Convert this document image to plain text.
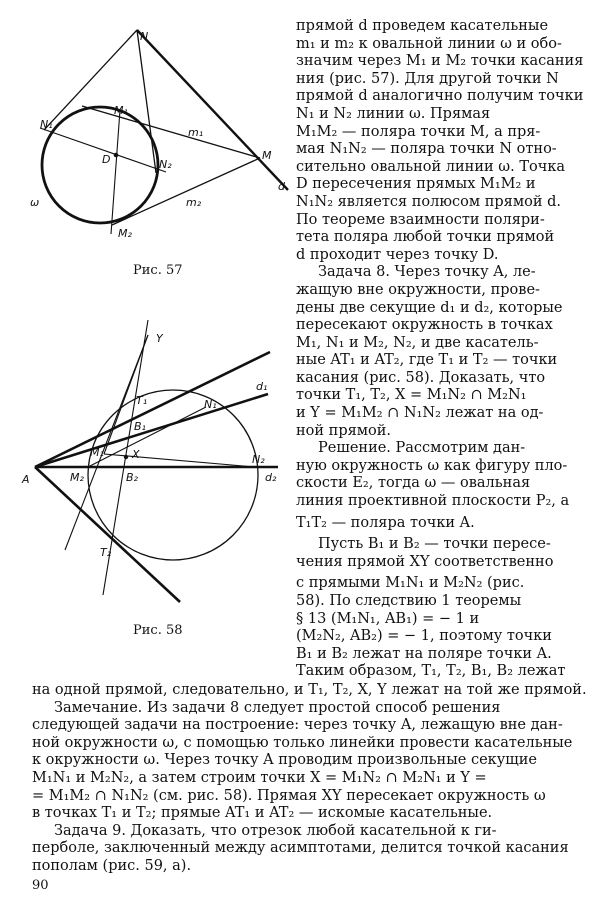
N
M₁
N₁
D	N₂
M
m₁
m₂
d
ω
M₂
Рис. 57
Y
T₁	N₁
d₁
B₁
M₁	X
A	M₂	B₂
N₂
d₂
T₂
Рис. 58
прямой d проведем касательные
m₁ и m₂ к овальной линии ω и обо-
значим через M₁ и M₂ точки касания
ния (рис. 57). Для другой точки N
прямой d аналогично получим точки
N₁ и N₂ линии ω. Прямая
M₁M₂ — поляра точки M, а пря-
мая N₁N₂ — поляра точки N отно-
сительно овальной линии ω. Точка
D пересечения прямых M₁M₂ и
N₁N₂ является полюсом прямой d.
По теореме взаимности поляри-
тета поляра любой точки прямой
d проходит через точку D.
Задача 8. Через точку A, ле-
жащую вне окружности, прове-
дены две секущие d₁ и d₂, которые
пересекают окружность в точках
M₁, N₁ и M₂, N₂, и две касатель-
ные AT₁ и AT₂, где T₁ и T₂ — точки
касания (рис. 58). Доказать, что
точки T₁, T₂, X = M₁N₂ ∩ M₂N₁
и Y = M₁M₂ ∩ N₁N₂ лежат на од-
ной прямой.
Решение. Рассмотрим дан-
ную окружность ω как фигуру пло-
скости E₂, тогда ω — овальная
линия проективной плоскости P₂, а
T₁T₂ — поляра точки A.
Пусть B₁ и B₂ — точки пересе-
чения прямой XY соответственно
с прямыми M₁N₁ и M₂N₂ (рис.
58). По следствию 1 теоремы
§ 13 (M₁N₁, AB₁) = − 1 и
(M₂N₂, AB₂) = − 1, поэтому точки
B₁ и B₂ лежат на поляре точки A.
Таким образом, T₁, T₂, B₁, B₂ лежат
на одной прямой, следовательно, и T₁, T₂, X, Y лежат на той же прямой.
Замечание. Из задачи 8 следует простой способ решения
следующей задачи на построение: через точку A, лежащую вне дан-
ной окружности ω, с помощью только линейки провести касательные
к окружности ω. Через точку A проводим произвольные секущие
M₁N₁ и M₂N₂, а затем строим точки X = M₁N₂ ∩ M₂N₁ и Y =
= M₁M₂ ∩ N₁N₂ (см. рис. 58). Прямая XY пересекает окружность ω
в точках T₁ и T₂; прямые AT₁ и AT₂ — искомые касательные.
Задача 9. Доказать, что отрезок любой касательной к ги-
перболе, заключенный между асимптотами, делится точкой касания
пополам (рис. 59, a).
90
